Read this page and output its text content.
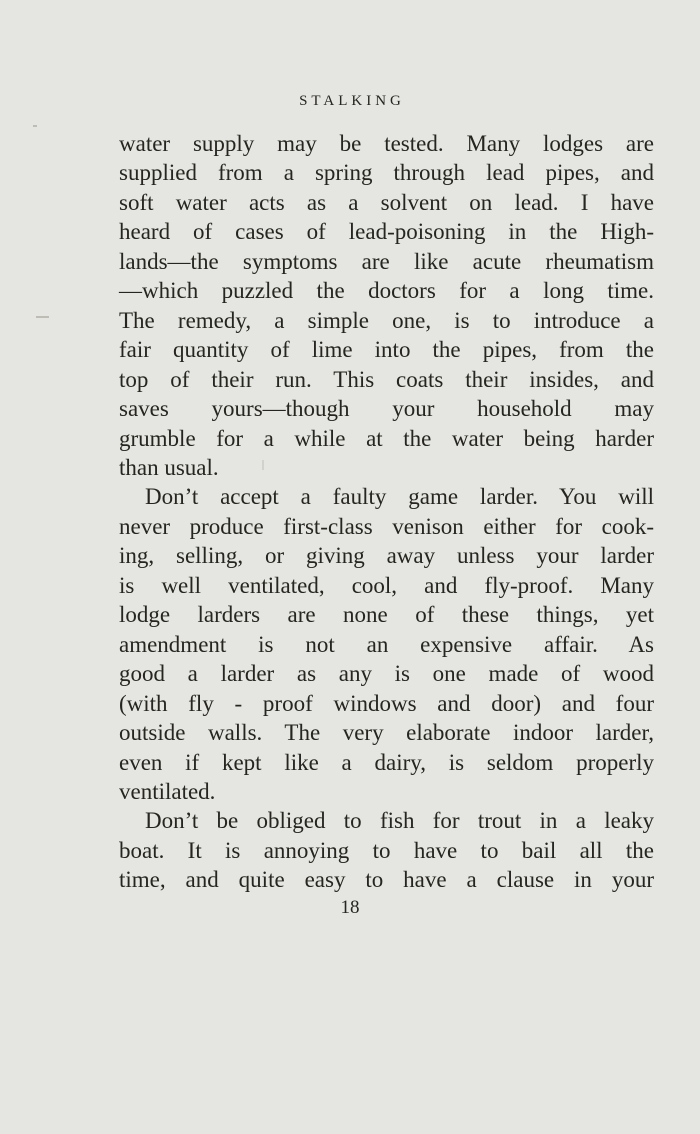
STALKING
water supply may be tested. Many lodges are
supplied from a spring through lead pipes, and
soft water acts as a solvent on lead. I have
heard of cases of lead-poisoning in the High-
lands—the symptoms are like acute rheumatism
—which puzzled the doctors for a long time.
The remedy, a simple one, is to introduce a
fair quantity of lime into the pipes, from the
top of their run. This coats their insides, and
saves yours—though your household may
grumble for a while at the water being harder
than usual.
Don’t accept a faulty game larder. You will
never produce first-class venison either for cook-
ing, selling, or giving away unless your larder
is well ventilated, cool, and fly-proof. Many
lodge larders are none of these things, yet
amendment is not an expensive affair. As
good a larder as any is one made of wood
(with fly - proof windows and door) and four
outside walls. The very elaborate indoor larder,
even if kept like a dairy, is seldom properly
ventilated.
Don’t be obliged to fish for trout in a leaky
boat. It is annoying to have to bail all the
time, and quite easy to have a clause in your
18
